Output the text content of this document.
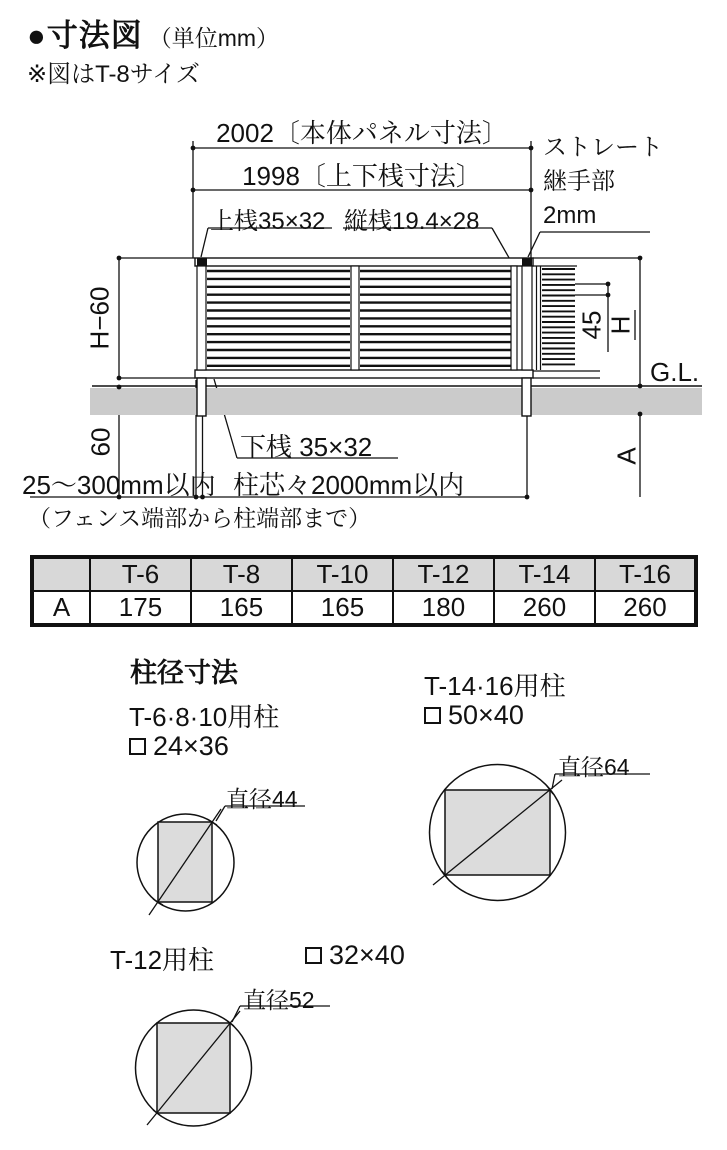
●寸法図 （単位mm）
※図はT-8サイズ
2002〔本体パネル寸法〕
1998〔上下桟寸法〕
上桟35×32 縦桟19.4×28
ストレート
継手部
2mm
H−60
60
45 H
G.L.
A
下桟 35×32
柱芯々2000mm以内
25〜300mm以内
（フェンス端部から柱端部まで）
	T-6	T-8	T-10	T-12	T-14	T-16
A	175	165	165	180	260	260
柱径寸法
T-6·8·10用柱
24×36
直径44
T-14·16用柱
50×40
直径64
T-12用柱	32×40
直径52
